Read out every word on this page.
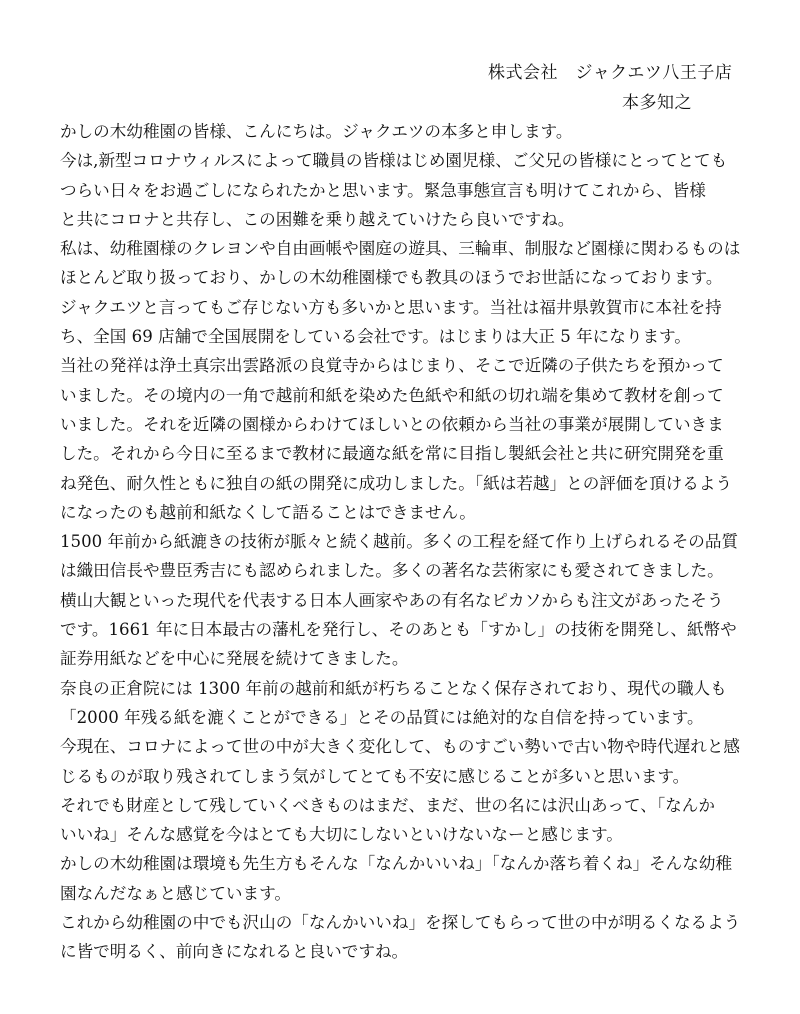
株式会社　ジャクエツ八王子店
本多知之
かしの木幼稚園の皆様、こんにちは。ジャクエツの本多と申します。
今は,新型コロナウィルスによって職員の皆様はじめ園児様、ご父兄の皆様にとってとても
つらい日々をお過ごしになられたかと思います。緊急事態宣言も明けてこれから、皆様
と共にコロナと共存し、この困難を乗り越えていけたら良いですね。
私は、幼稚園様のクレヨンや自由画帳や園庭の遊具、三輪車、制服など園様に関わるものは
ほとんど取り扱っており、かしの木幼稚園様でも教具のほうでお世話になっております。
ジャクエツと言ってもご存じない方も多いかと思います。当社は福井県敦賀市に本社を持
ち、全国 69 店舗で全国展開をしている会社です。はじまりは大正 5 年になります。
当社の発祥は浄土真宗出雲路派の良覚寺からはじまり、そこで近隣の子供たちを預かって
いました。その境内の一角で越前和紙を染めた色紙や和紙の切れ端を集めて教材を創って
いました。それを近隣の園様からわけてほしいとの依頼から当社の事業が展開していきま
した。それから今日に至るまで教材に最適な紙を常に目指し製紙会社と共に研究開発を重
ね発色、耐久性ともに独自の紙の開発に成功しました。「紙は若越」との評価を頂けるよう
になったのも越前和紙なくして語ることはできません。
1500 年前から紙漉きの技術が脈々と続く越前。多くの工程を経て作り上げられるその品質
は織田信長や豊臣秀吉にも認められました。多くの著名な芸術家にも愛されてきました。
横山大観といった現代を代表する日本人画家やあの有名なピカソからも注文があったそう
です。1661 年に日本最古の藩札を発行し、そのあとも「すかし」の技術を開発し、紙幣や
証券用紙などを中心に発展を続けてきました。
奈良の正倉院には 1300 年前の越前和紙が朽ちることなく保存されており、現代の職人も
「2000 年残る紙を漉くことができる」とその品質には絶対的な自信を持っています。
今現在、コロナによって世の中が大きく変化して、ものすごい勢いで古い物や時代遅れと感
じるものが取り残されてしまう気がしてとても不安に感じることが多いと思います。
それでも財産として残していくべきものはまだ、まだ、世の名には沢山あって、「なんか
いいね」そんな感覚を今はとても大切にしないといけないなーと感じます。
かしの木幼稚園は環境も先生方もそんな「なんかいいね」「なんか落ち着くね」そんな幼稚
園なんだなぁと感じています。
これから幼稚園の中でも沢山の「なんかいいね」を探してもらって世の中が明るくなるよう
に皆で明るく、前向きになれると良いですね。
